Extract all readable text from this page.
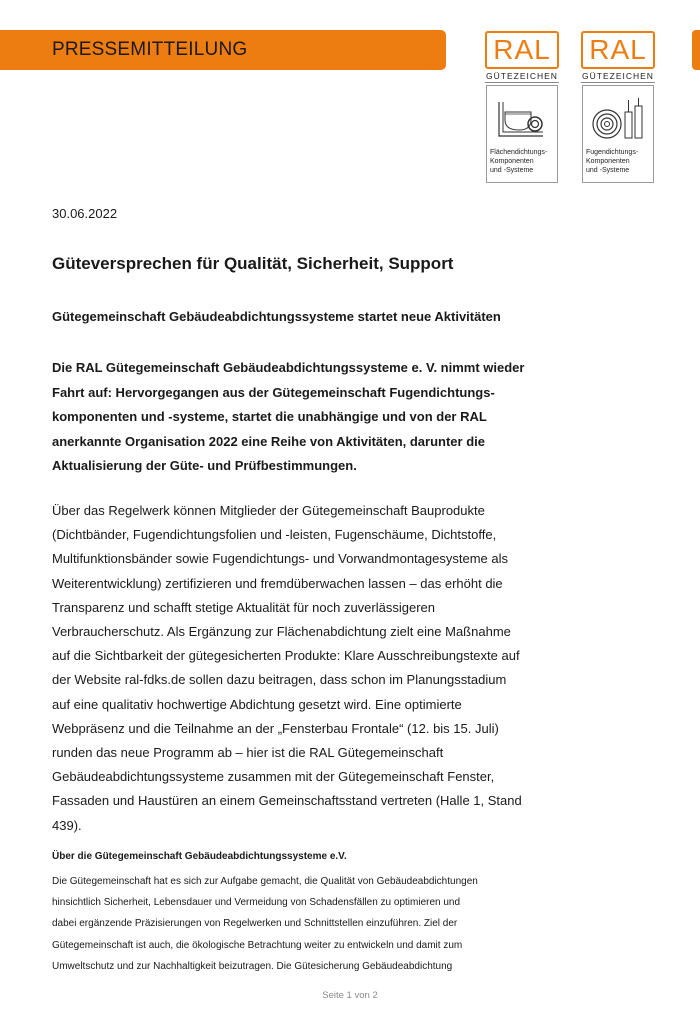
PRESSEMITTEILUNG	RAL
GÜTEZEICHEN
Flächendichtungs-
Komponenten
und -Systeme
RAL
GÜTEZEICHEN
Fugendichtungs-
Komponenten
und -Systeme
30.06.2022
Güteversprechen für Qualität, Sicherheit, Support
Gütegemeinschaft Gebäudeabdichtungssysteme startet neue Aktivitäten
Die RAL Gütegemeinschaft Gebäudeabdichtungssysteme e. V. nimmt wieder
Fahrt auf: Hervorgegangen aus der Gütegemeinschaft Fugendichtungs-
komponenten und -systeme, startet die unabhängige und von der RAL
anerkannte Organisation 2022 eine Reihe von Aktivitäten, darunter die
Aktualisierung der Güte- und Prüfbestimmungen.
Über das Regelwerk können Mitglieder der Gütegemeinschaft Bauprodukte
(Dichtbänder, Fugendichtungsfolien und -leisten, Fugenschäume, Dichtstoffe,
Multifunktionsbänder sowie Fugendichtungs- und Vorwandmontagesysteme als
Weiterentwicklung) zertifizieren und fremdüberwachen lassen – das erhöht die
Transparenz und schafft stetige Aktualität für noch zuverlässigeren
Verbraucherschutz. Als Ergänzung zur Flächenabdichtung zielt eine Maßnahme
auf die Sichtbarkeit der gütegesicherten Produkte: Klare Ausschreibungstexte auf
der Website ral-fdks.de sollen dazu beitragen, dass schon im Planungsstadium
auf eine qualitativ hochwertige Abdichtung gesetzt wird. Eine optimierte
Webpräsenz und die Teilnahme an der „Fensterbau Frontale“ (12. bis 15. Juli)
runden das neue Programm ab – hier ist die RAL Gütegemeinschaft
Gebäudeabdichtungssysteme zusammen mit der Gütegemeinschaft Fenster,
Fassaden und Haustüren an einem Gemeinschaftsstand vertreten (Halle 1, Stand
439).
Über die Gütegemeinschaft Gebäudeabdichtungssysteme e.V.
Die Gütegemeinschaft hat es sich zur Aufgabe gemacht, die Qualität von Gebäudeabdichtungen
hinsichtlich Sicherheit, Lebensdauer und Vermeidung von Schadensfällen zu optimieren und
dabei ergänzende Präzisierungen von Regelwerken und Schnittstellen einzuführen. Ziel der
Gütegemeinschaft ist auch, die ökologische Betrachtung weiter zu entwickeln und damit zum
Umweltschutz und zur Nachhaltigkeit beizutragen. Die Gütesicherung Gebäudeabdichtung
Seite 1 von 2
